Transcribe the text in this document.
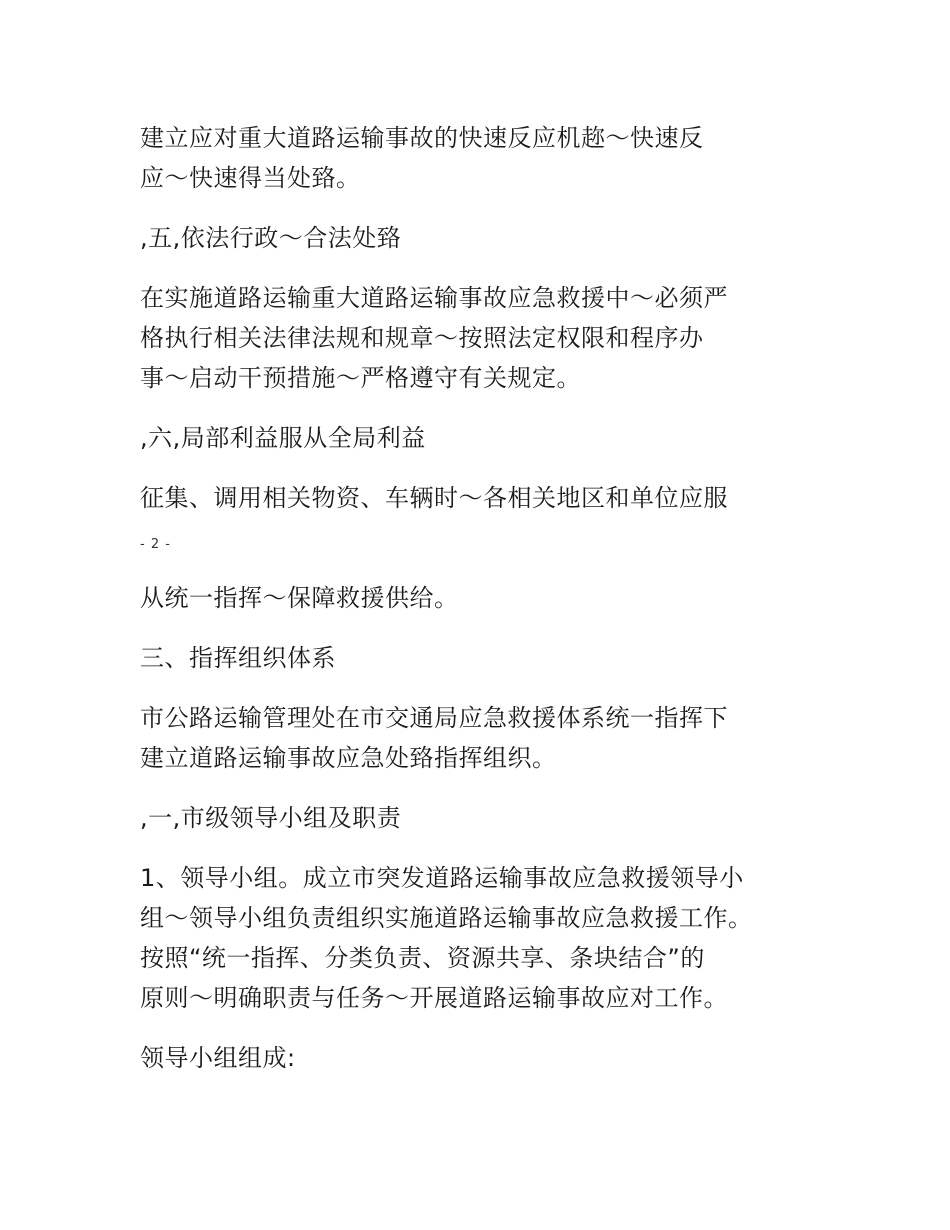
建立应对重大道路运输事故的快速反应机趂～快速反
应～快速得当处臵。
,五,依法行政～合法处臵
在实施道路运输重大道路运输事故应急救援中～必须严
格执行相关法律法规和规章～按照法定权限和程序办
事～启动干预措施～严格遵守有关规定。
,六,局部利益服从全局利益
征集、调用相关物资、车辆时～各相关地区和单位应服
- 2 -
从统一指挥～保障救援供给。
三、指挥组织体系
市公路运输管理处在市交通局应急救援体系统一指挥下
建立道路运输事故应急处臵指挥组织。
,一,市级领导小组及职责
1、领导小组。成立市突发道路运输事故应急救援领导小
组～领导小组负责组织实施道路运输事故应急救援工作。
按照“统一指挥、分类负责、资源共享、条块结合”的
原则～明确职责与任务～开展道路运输事故应对工作。
领导小组组成:
